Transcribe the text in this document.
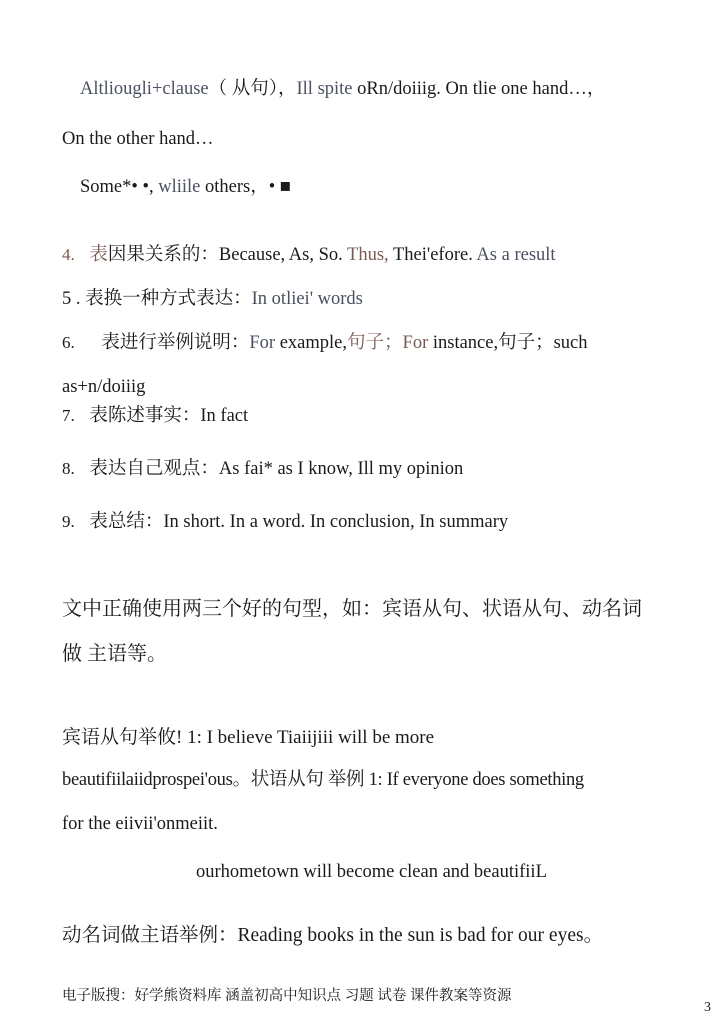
Altliougli+clause（ 从句），Ill spite oRn/doiiig. On tlie one hand…，
On the other hand…
Some*• •, wliile others，• ■
4. 表因果关系的：Because, As, So. Thus, Thei'efore. As a result
5 . 表换一种方式表达：In otliei' words
6. 表进行举例说明：For example,句子；For instance,句子；such
as+n/doiiig
7. 表陈述事实：In fact
8. 表达自己观点：As fai* as I know, Ill my opinion
9. 表总结：In short. In a word. In conclusion, In summary
文中正确使用两三个好的句型，如：宾语从句、状语从句、动名词
做 主语等。
宾语从句举攸! 1: I believe Tiaiijiii will be more
beautifiilaiidprospei'ous。状语从句 举例 1: If everyone does something
for the eiivii'onmeiit.
ourhometown will become clean and beautifiiL
动名词做主语举例：Reading books in the sun is bad for our eyes。
电子版搜：好学熊资料库 涵盖初高中知识点 习题 试卷 课件教案等资源
3
